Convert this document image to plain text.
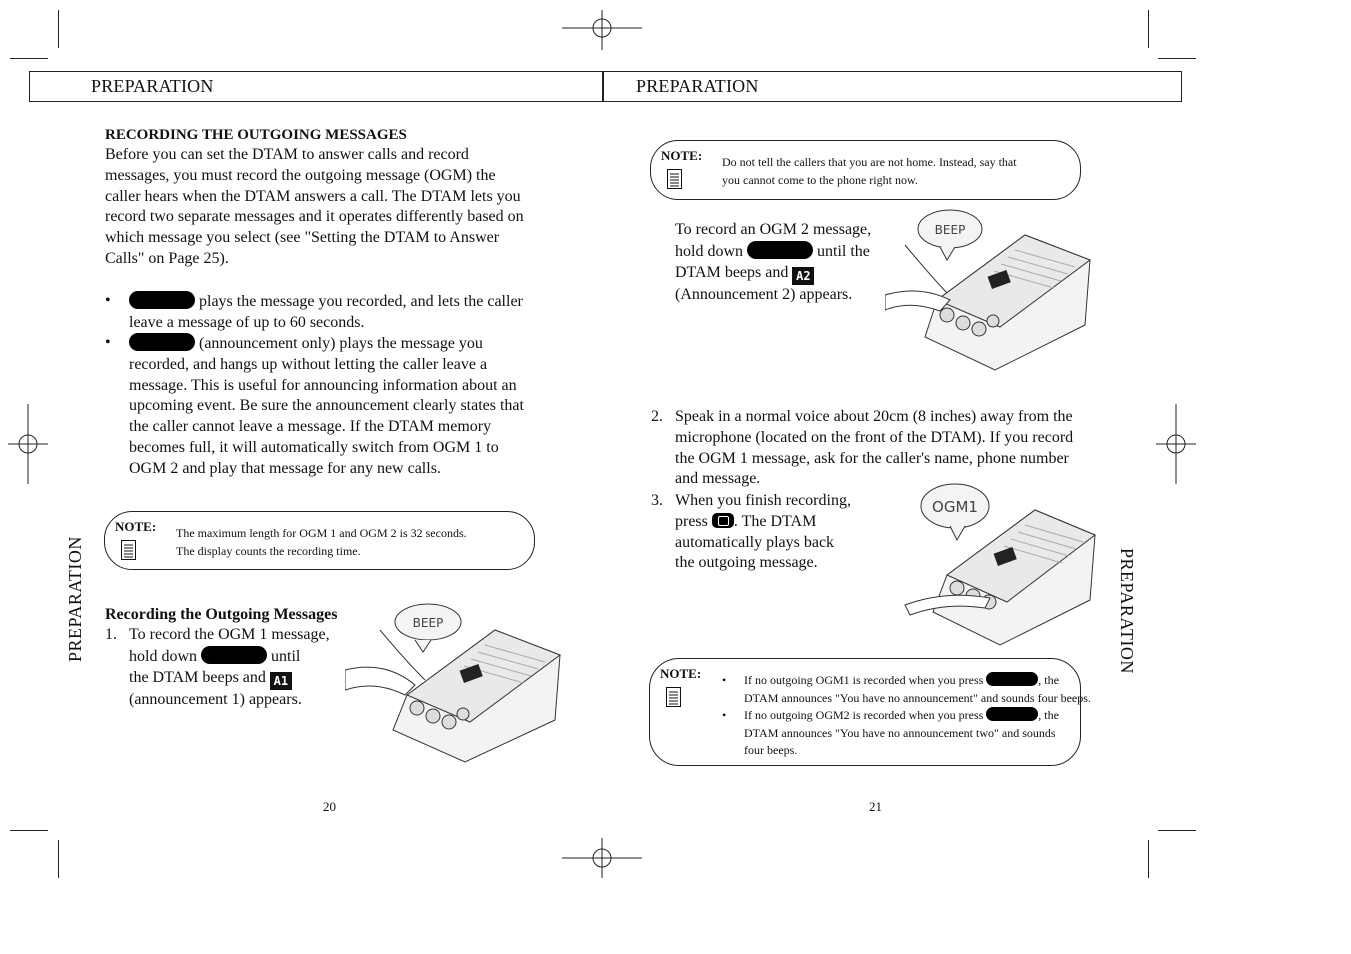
PREPARATION	PREPARATION
RECORDING THE OUTGOING MESSAGES
Before you can set the DTAM to answer calls and record messages, you must record the outgoing message (OGM) the caller hears when the DTAM answers a call. The DTAM lets you record two separate messages and it operates differently based on which message you select (see "Setting the DTAM to Answer Calls" on Page 25).
•	plays the message you recorded, and lets the caller leave a message of up to 60 seconds.
•	(announcement only) plays the message you recorded, and hangs up without letting the caller leave a message. This is useful for announcing information about an upcoming event. Be sure the announcement clearly states that the caller cannot leave a message. If the DTAM memory becomes full, it will automatically switch from OGM 1 to OGM 2 and play that message for any new calls.
NOTE: The maximum length for OGM 1 and OGM 2 is 32 seconds.
The display counts the recording time.
Recording the Outgoing Messages
1. To record the OGM 1 message,
hold down	until
the DTAM beeps and A1
(announcement 1) appears.
BEEP
20
PREPARATION
NOTE: Do not tell the callers that you are not home. Instead, say that
you cannot come to the phone right now.
To record an OGM 2 message,
hold down	until the
DTAM beeps and A2
(Announcement 2) appears.
BEEP
2. Speak in a normal voice about 20cm (8 inches) away from the
microphone (located on the front of the DTAM). If you record
the OGM 1 message, ask for the caller's name, phone number
and message.
3. When you finish recording,
press . The DTAM
automatically plays back
the outgoing message.
OGM1
NOTE: • If no outgoing OGM1 is recorded when you press	, the
DTAM announces "You have no announcement" and sounds four beeps.
• If no outgoing OGM2 is recorded when you press	, the
DTAM announces "You have no announcement two" and sounds
four beeps.
21
PREPARATION
